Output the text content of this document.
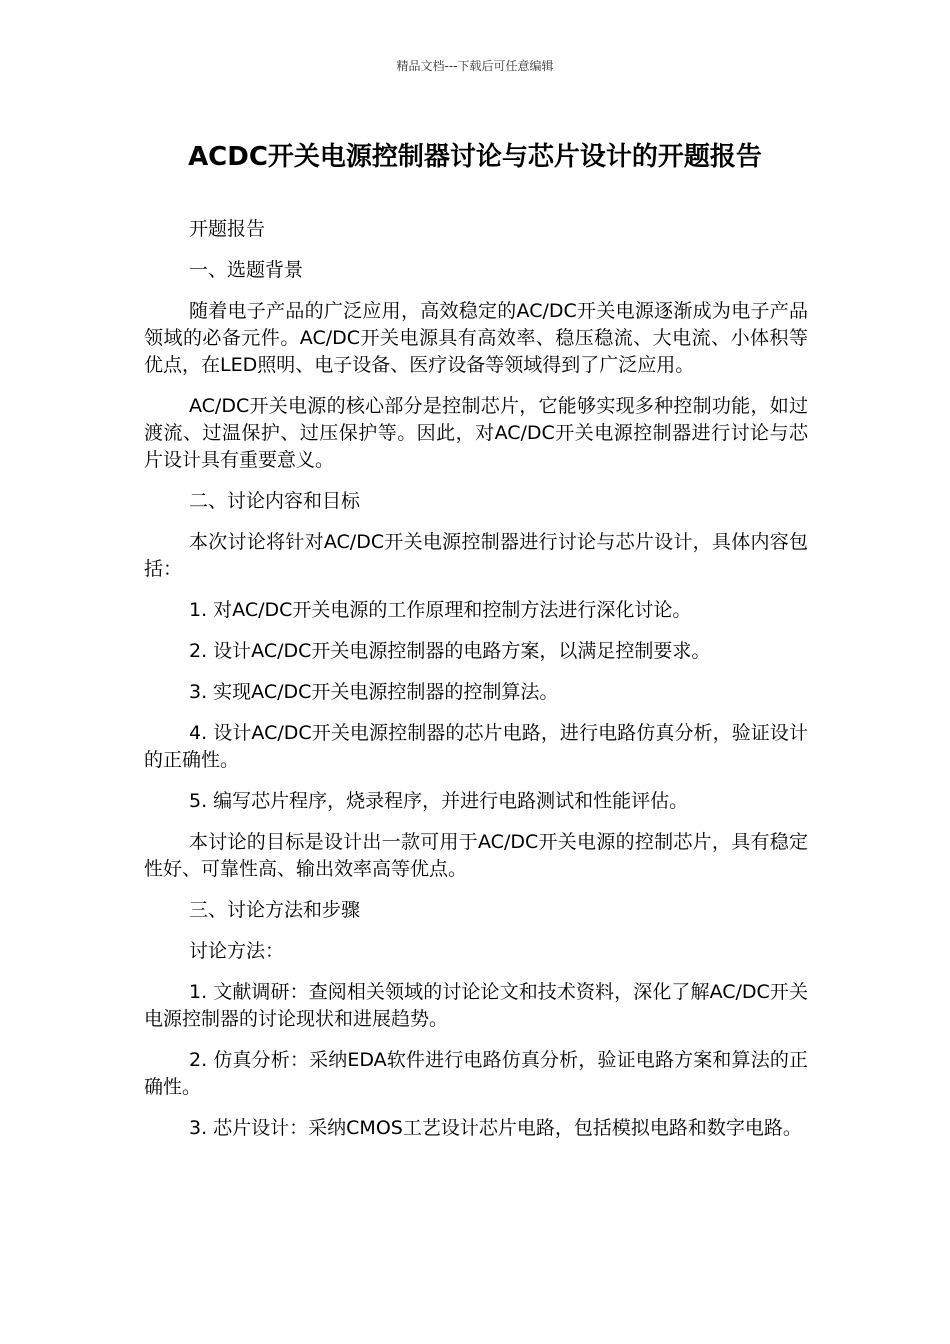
精品文档---下载后可任意编辑
ACDC开关电源控制器讨论与芯片设计的开题报告

开题报告

一、选题背景

随着电子产品的广泛应用，高效稳定的AC/DC开关电源逐渐成为电子产品领域的必备元件。AC/DC开关电源具有高效率、稳压稳流、大电流、小体积等优点，在LED照明、电子设备、医疗设备等领域得到了广泛应用。

AC/DC开关电源的核心部分是控制芯片，它能够实现多种控制功能，如过渡流、过温保护、过压保护等。因此，对AC/DC开关电源控制器进行讨论与芯片设计具有重要意义。

二、讨论内容和目标

本次讨论将针对AC/DC开关电源控制器进行讨论与芯片设计，具体内容包括：

1. 对AC/DC开关电源的工作原理和控制方法进行深化讨论。

2. 设计AC/DC开关电源控制器的电路方案，以满足控制要求。

3. 实现AC/DC开关电源控制器的控制算法。

4. 设计AC/DC开关电源控制器的芯片电路，进行电路仿真分析，验证设计的正确性。

5. 编写芯片程序，烧录程序，并进行电路测试和性能评估。

本讨论的目标是设计出一款可用于AC/DC开关电源的控制芯片，具有稳定性好、可靠性高、输出效率高等优点。

三、讨论方法和步骤

讨论方法：

1. 文献调研：查阅相关领域的讨论论文和技术资料，深化了解AC/DC开关电源控制器的讨论现状和进展趋势。

2. 仿真分析：采纳EDA软件进行电路仿真分析，验证电路方案和算法的正确性。

3. 芯片设计：采纳CMOS工艺设计芯片电路，包括模拟电路和数字电路。
